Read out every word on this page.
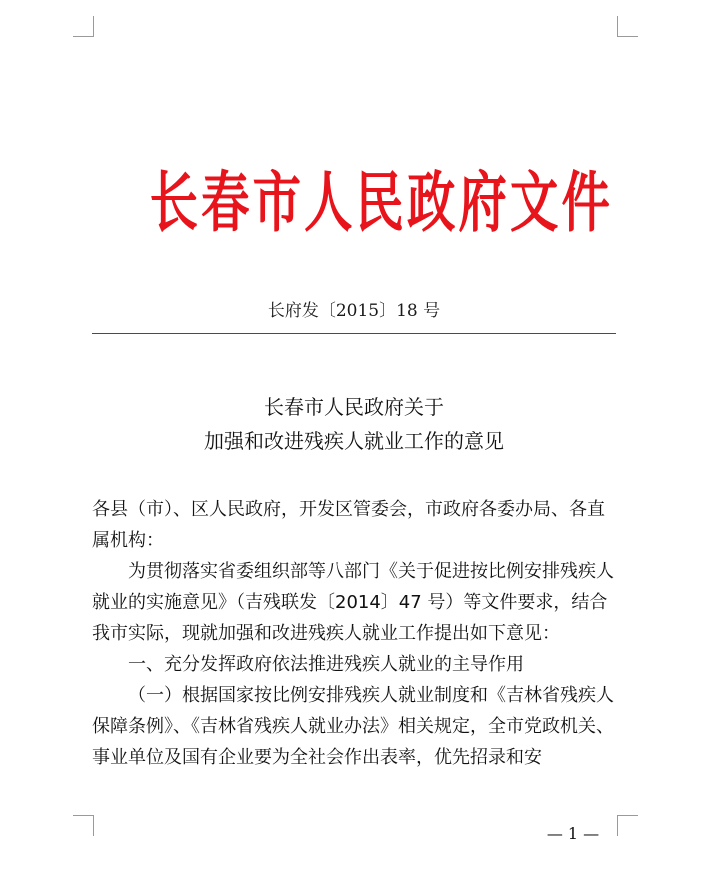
长春市人民政府文件
长府发〔2015〕18 号
长春市人民政府关于
加强和改进残疾人就业工作的意见

各县（市）、区人民政府，开发区管委会，市政府各委办局、各直属机构：

为贯彻落实省委组织部等八部门《关于促进按比例安排残疾人就业的实施意见》（吉残联发〔2014〕47 号）等文件要求，结合我市实际，现就加强和改进残疾人就业工作提出如下意见：

一、充分发挥政府依法推进残疾人就业的主导作用

（一）根据国家按比例安排残疾人就业制度和《吉林省残疾人保障条例》、《吉林省残疾人就业办法》相关规定，全市党政机关、事业单位及国有企业要为全社会作出表率，优先招录和安

— 1 —
